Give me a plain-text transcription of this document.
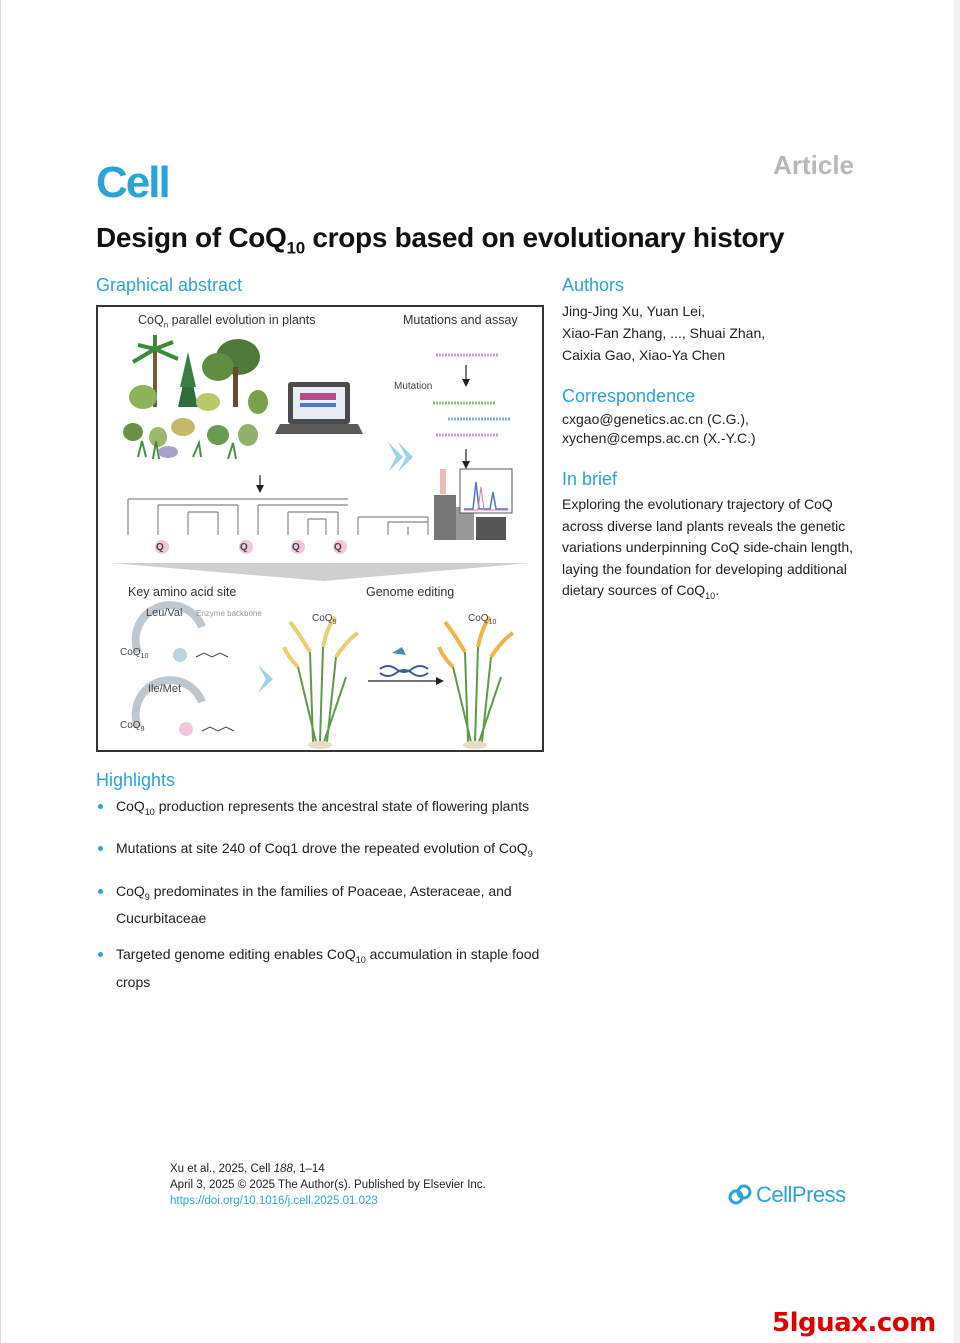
Cell	Article
Design of CoQ$_{10}$ crops based on evolutionary history
Graphical abstract
CoQ$_n$ parallel evolution in plants	Mutations and assay
Mutation
Q	Q	Q	Q
Key amino acid site	Genome editing
Leu/Val Enzyme backbone
CoQ$_{10}$
Ile/Met
CoQ$_9$
CoQ$_9$	CoQ$_{10}$
Authors
Jing-Jing Xu, Yuan Lei,
Xiao-Fan Zhang, ..., Shuai Zhan,
Caixia Gao, Xiao-Ya Chen
Correspondence
cxgao@genetics.ac.cn (C.G.),
xychen@cemps.ac.cn (X.-Y.C.)
In brief
Exploring the evolutionary trajectory of CoQ across diverse land plants reveals the genetic variations underpinning CoQ side-chain length, laying the foundation for developing additional dietary sources of CoQ$_{10}$.
Highlights
CoQ$_{10}$ production represents the ancestral state of flowering plants
Mutations at site 240 of Coq1 drove the repeated evolution of CoQ$_9$
CoQ$_9$ predominates in the families of Poaceae, Asteraceae, and Cucurbitaceae
Targeted genome editing enables CoQ$_{10}$ accumulation in staple food crops
Xu et al., 2025, Cell 188, 1–14
April 3, 2025 © 2025 The Author(s). Published by Elsevier Inc.
https://doi.org/10.1016/j.cell.2025.01.023	CellPress
5lguax.com
